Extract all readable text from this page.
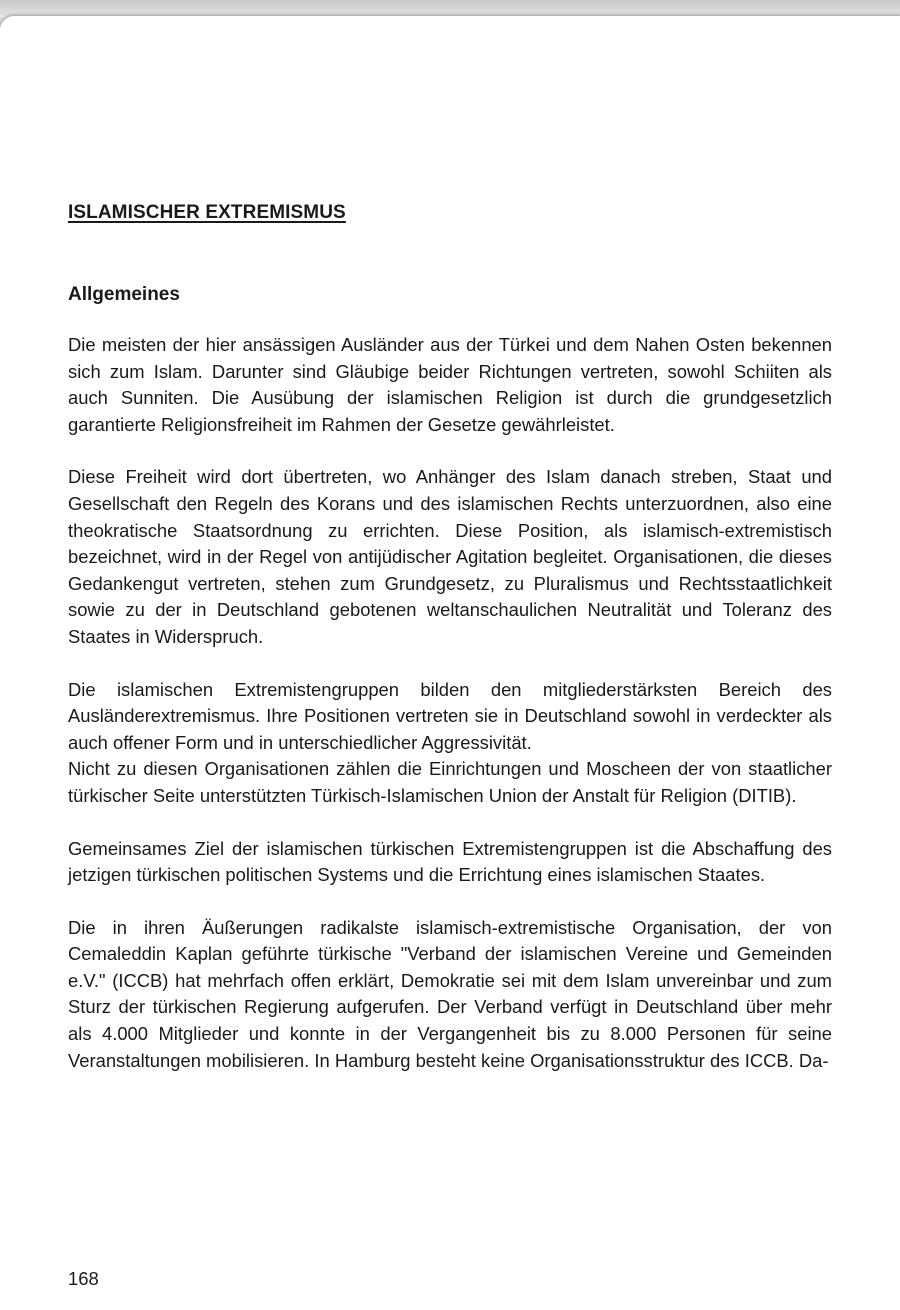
ISLAMISCHER EXTREMISMUS
Allgemeines

Die meisten der hier ansässigen Ausländer aus der Türkei und dem Nahen Osten bekennen sich zum Islam. Darunter sind Gläubige beider Richtungen vertreten, sowohl Schiiten als auch Sunniten. Die Ausübung der islamischen Religion ist durch die grundgesetzlich garantierte Religionsfreiheit im Rahmen der Gesetze gewährleistet.

Diese Freiheit wird dort übertreten, wo Anhänger des Islam danach streben, Staat und Gesellschaft den Regeln des Korans und des islamischen Rechts unterzuordnen, also eine theokratische Staatsordnung zu errichten. Diese Position, als islamisch-extremistisch bezeichnet, wird in der Regel von antijüdischer Agitation begleitet. Organisationen, die dieses Gedankengut vertreten, stehen zum Grundgesetz, zu Pluralismus und Rechtsstaatlichkeit sowie zu der in Deutschland gebotenen weltanschaulichen Neutralität und Toleranz des Staates in Widerspruch.

Die islamischen Extremistengruppen bilden den mitgliederstärksten Bereich des Ausländerextremismus. Ihre Positionen vertreten sie in Deutschland sowohl in verdeckter als auch offener Form und in unterschiedlicher Aggressivität.

Nicht zu diesen Organisationen zählen die Einrichtungen und Moscheen der von staatlicher türkischer Seite unterstützten Türkisch-Islamischen Union der Anstalt für Religion (DITIB).

Gemeinsames Ziel der islamischen türkischen Extremistengruppen ist die Abschaffung des jetzigen türkischen politischen Systems und die Errichtung eines islamischen Staates.

Die in ihren Äußerungen radikalste islamisch-extremistische Organisation, der von Cemaleddin Kaplan geführte türkische "Verband der islamischen Vereine und Gemeinden e.V." (ICCB) hat mehrfach offen erklärt, Demokratie sei mit dem Islam unvereinbar und zum Sturz der türkischen Regierung aufgerufen. Der Verband verfügt in Deutschland über mehr als 4.000 Mitglieder und konnte in der Vergangenheit bis zu 8.000 Personen für seine Veranstaltungen mobilisieren. In Hamburg besteht keine Organisationsstruktur des ICCB. Da-

168
